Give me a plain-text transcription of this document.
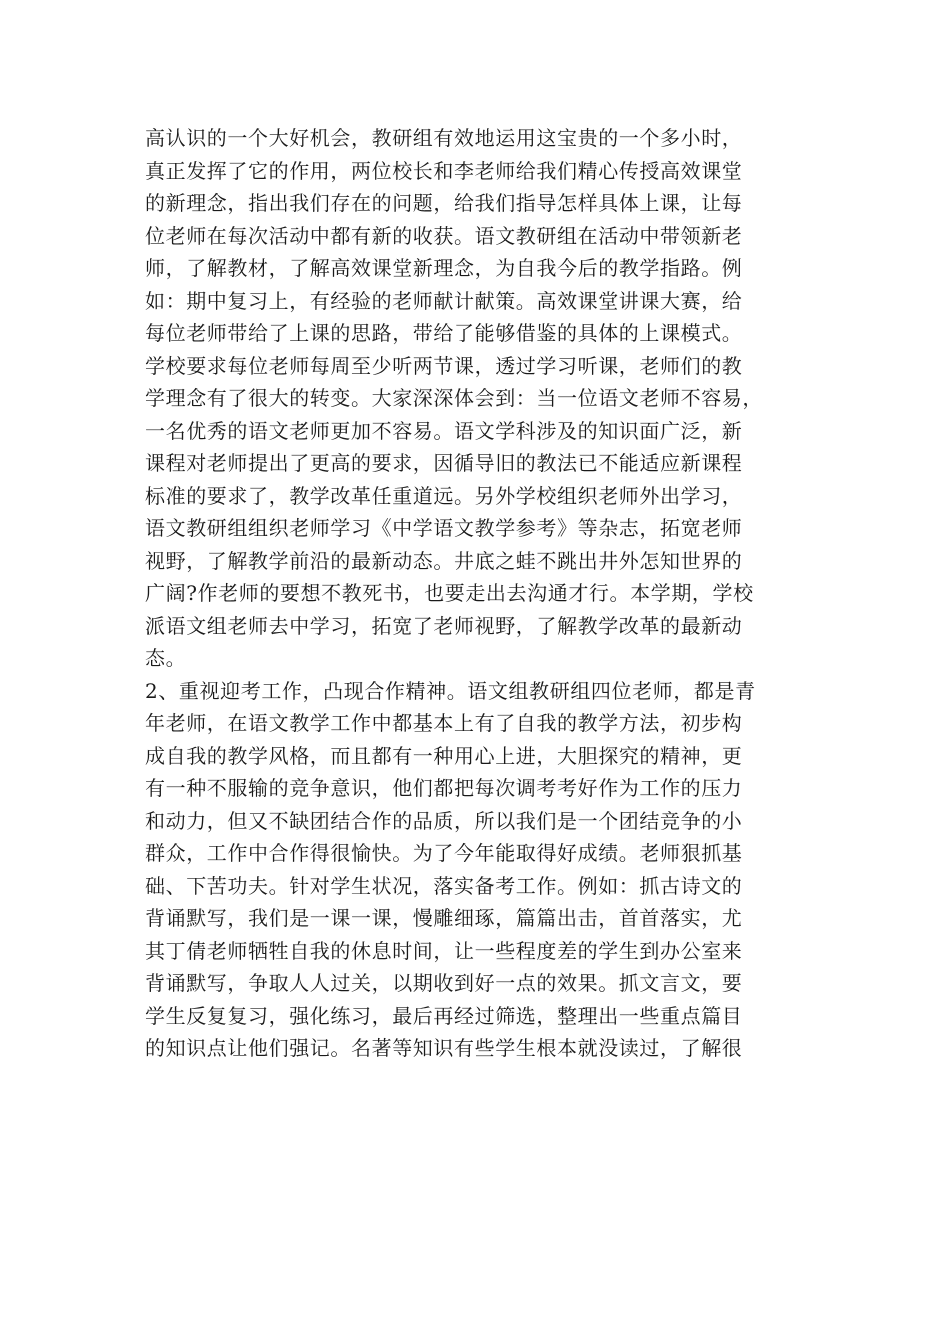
高认识的一个大好机会，教研组有效地运用这宝贵的一个多小时，
真正发挥了它的作用，两位校长和李老师给我们精心传授高效课堂
的新理念，指出我们存在的问题，给我们指导怎样具体上课，让每
位老师在每次活动中都有新的收获。语文教研组在活动中带领新老
师，了解教材，了解高效课堂新理念，为自我今后的教学指路。例
如：期中复习上，有经验的老师献计献策。高效课堂讲课大赛，给
每位老师带给了上课的思路，带给了能够借鉴的具体的上课模式。
学校要求每位老师每周至少听两节课，透过学习听课，老师们的教
学理念有了很大的转变。大家深深体会到：当一位语文老师不容易，
一名优秀的语文老师更加不容易。语文学科涉及的知识面广泛，新
课程对老师提出了更高的要求，因循导旧的教法已不能适应新课程
标准的要求了，教学改革任重道远。另外学校组织老师外出学习，
语文教研组组织老师学习《中学语文教学参考》等杂志，拓宽老师
视野，了解教学前沿的最新动态。井底之蛙不跳出井外怎知世界的
广阔?作老师的要想不教死书，也要走出去沟通才行。本学期，学校
派语文组老师去中学习，拓宽了老师视野，了解教学改革的最新动
态。
2、重视迎考工作，凸现合作精神。语文组教研组四位老师，都是青
年老师，在语文教学工作中都基本上有了自我的教学方法，初步构
成自我的教学风格，而且都有一种用心上进，大胆探究的精神，更
有一种不服输的竞争意识，他们都把每次调考考好作为工作的压力
和动力，但又不缺团结合作的品质，所以我们是一个团结竞争的小
群众，工作中合作得很愉快。为了今年能取得好成绩。老师狠抓基
础、下苦功夫。针对学生状况，落实备考工作。例如：抓古诗文的
背诵默写，我们是一课一课，慢雕细琢，篇篇出击，首首落实，尤
其丁倩老师牺牲自我的休息时间，让一些程度差的学生到办公室来
背诵默写，争取人人过关，以期收到好一点的效果。抓文言文，要
学生反复复习，强化练习，最后再经过筛选，整理出一些重点篇目
的知识点让他们强记。名著等知识有些学生根本就没读过，了解很
